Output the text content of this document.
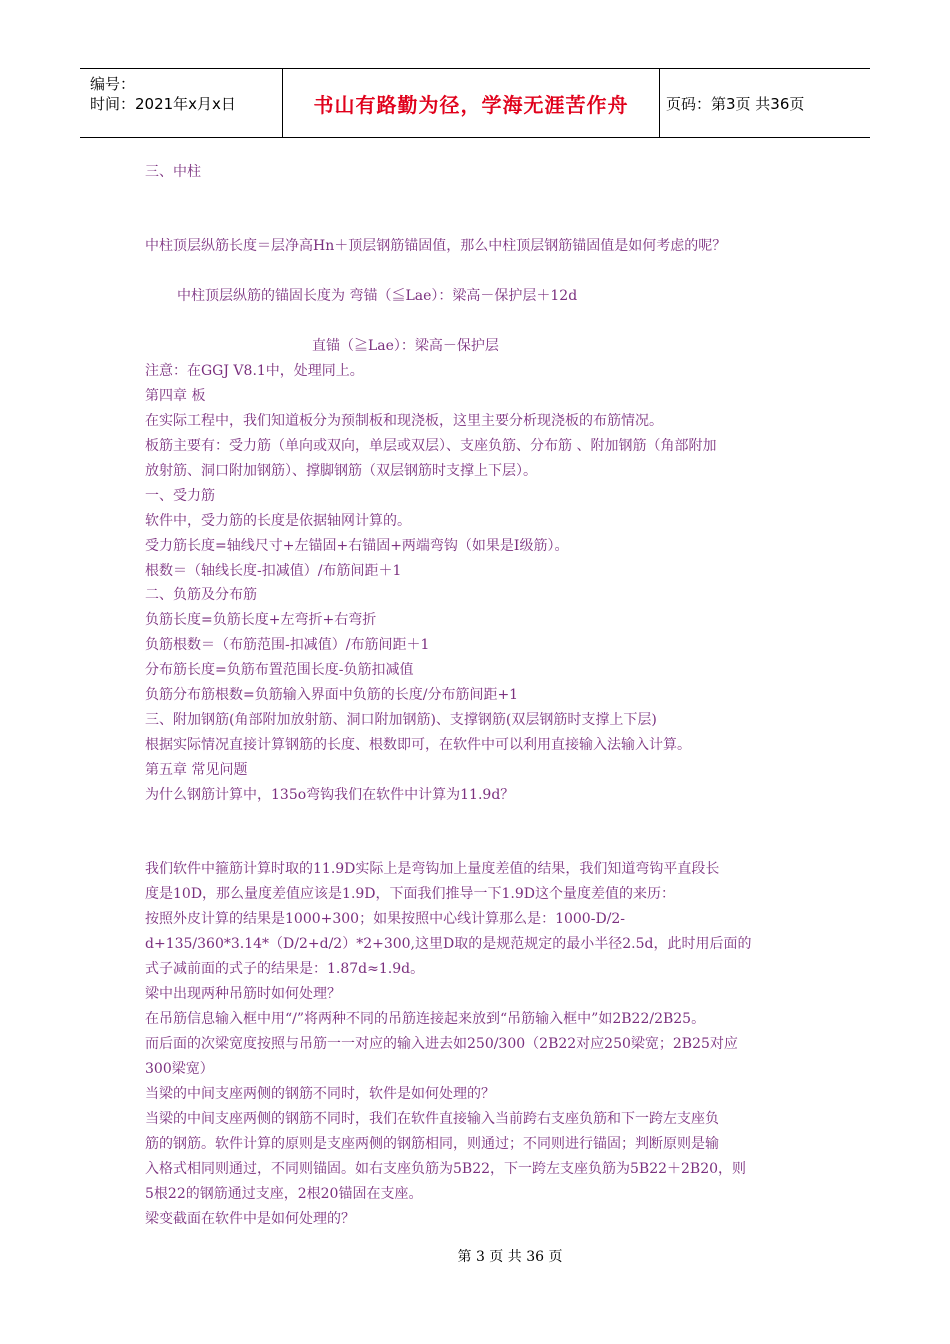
编号：
时间：2021年x月x日	书山有路勤为径，学海无涯苦作舟	页码：第3页 共36页
三、中柱
中柱顶层纵筋长度＝层净高Hn＋顶层钢筋锚固值，那么中柱顶层钢筋锚固值是如何考虑的呢？
中柱顶层纵筋的锚固长度为 弯锚（≦Lae）：梁高－保护层＋12d
直锚（≧Lae）：梁高－保护层
注意：在GGJ V8.1中，处理同上。
第四章 板
在实际工程中，我们知道板分为预制板和现浇板，这里主要分析现浇板的布筋情况。
板筋主要有：受力筋（单向或双向，单层或双层）、支座负筋、分布筋 、附加钢筋（角部附加
放射筋、洞口附加钢筋）、撑脚钢筋（双层钢筋时支撑上下层）。
一、受力筋
软件中，受力筋的长度是依据轴网计算的。
受力筋长度=轴线尺寸+左锚固+右锚固+两端弯钩（如果是Ⅰ级筋）。
根数＝（轴线长度-扣减值）/布筋间距＋1
二、负筋及分布筋
负筋长度=负筋长度+左弯折+右弯折
负筋根数＝（布筋范围-扣减值）/布筋间距＋1
分布筋长度=负筋布置范围长度-负筋扣减值
负筋分布筋根数=负筋输入界面中负筋的长度/分布筋间距+1
三、附加钢筋(角部附加放射筋、洞口附加钢筋)、支撑钢筋(双层钢筋时支撑上下层)
根据实际情况直接计算钢筋的长度、根数即可，在软件中可以利用直接输入法输入计算。
第五章 常见问题
为什么钢筋计算中，135o弯钩我们在软件中计算为11.9d？
我们软件中箍筋计算时取的11.9D实际上是弯钩加上量度差值的结果，我们知道弯钩平直段长
度是10D，那么量度差值应该是1.9D，下面我们推导一下1.9D这个量度差值的来历：
按照外皮计算的结果是1000+300；如果按照中心线计算那么是：1000-D/2-
d+135/360*3.14*（D/2+d/2）*2+300,这里D取的是规范规定的最小半径2.5d，此时用后面的
式子减前面的式子的结果是：1.87d≈1.9d。
梁中出现两种吊筋时如何处理？
在吊筋信息输入框中用“/”将两种不同的吊筋连接起来放到“吊筋输入框中”如2B22/2B25。
而后面的次梁宽度按照与吊筋一一对应的输入进去如250/300（2B22对应250梁宽；2B25对应
300梁宽）
当梁的中间支座两侧的钢筋不同时，软件是如何处理的？
当梁的中间支座两侧的钢筋不同时，我们在软件直接输入当前跨右支座负筋和下一跨左支座负
筋的钢筋。软件计算的原则是支座两侧的钢筋相同，则通过；不同则进行锚固；判断原则是输
入格式相同则通过，不同则锚固。如右支座负筋为5B22，下一跨左支座负筋为5B22＋2B20，则
5根22的钢筋通过支座，2根20锚固在支座。
梁变截面在软件中是如何处理的？
第 3 页 共 36 页
